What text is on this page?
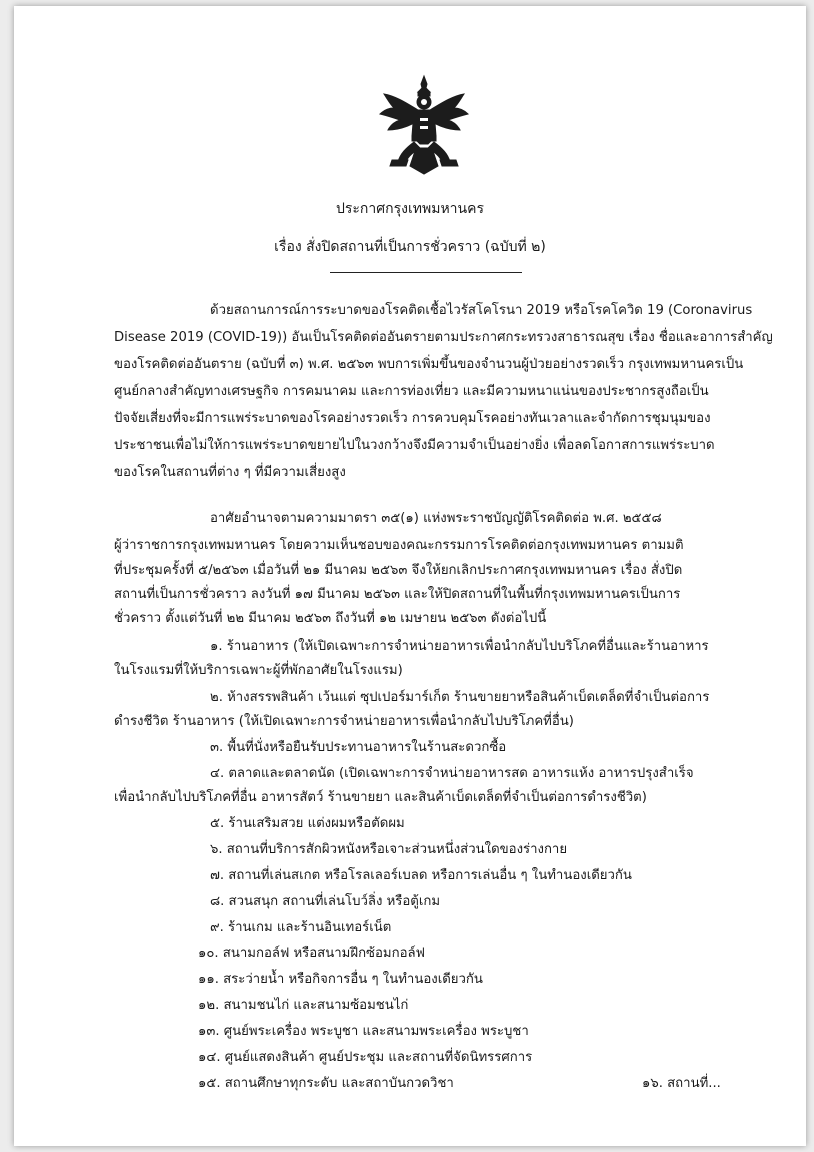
ประกาศกรุงเทพมหานคร
เรื่อง สั่งปิดสถานที่เป็นการชั่วคราว (ฉบับที่ ๒)
ด้วยสถานการณ์การระบาดของโรคติดเชื้อไวรัสโคโรนา 2019 หรือโรคโควิด 19 (Coronavirus
Disease 2019 (COVID-19)) อันเป็นโรคติดต่ออันตรายตามประกาศกระทรวงสาธารณสุข เรื่อง ชื่อและอาการสำคัญ
ของโรคติดต่ออันตราย (ฉบับที่ ๓) พ.ศ. ๒๕๖๓ พบการเพิ่มขึ้นของจำนวนผู้ป่วยอย่างรวดเร็ว กรุงเทพมหานครเป็น
ศูนย์กลางสำคัญทางเศรษฐกิจ การคมนาคม และการท่องเที่ยว และมีความหนาแน่นของประชากรสูงถือเป็น
ปัจจัยเสี่ยงที่จะมีการแพร่ระบาดของโรคอย่างรวดเร็ว การควบคุมโรคอย่างทันเวลาและจำกัดการชุมนุมของ
ประชาชนเพื่อไม่ให้การแพร่ระบาดขยายไปในวงกว้างจึงมีความจำเป็นอย่างยิ่ง เพื่อลดโอกาสการแพร่ระบาด
ของโรคในสถานที่ต่าง ๆ ที่มีความเสี่ยงสูง
อาศัยอำนาจตามความมาตรา ๓๕(๑) แห่งพระราชบัญญัติโรคติดต่อ พ.ศ. ๒๕๕๘
ผู้ว่าราชการกรุงเทพมหานคร โดยความเห็นชอบของคณะกรรมการโรคติดต่อกรุงเทพมหานคร ตามมติ
ที่ประชุมครั้งที่ ๕/๒๕๖๓ เมื่อวันที่ ๒๑ มีนาคม ๒๕๖๓ จึงให้ยกเลิกประกาศกรุงเทพมหานคร เรื่อง สั่งปิด
สถานที่เป็นการชั่วคราว ลงวันที่ ๑๗ มีนาคม ๒๕๖๓ และให้ปิดสถานที่ในพื้นที่กรุงเทพมหานครเป็นการ
ชั่วคราว ตั้งแต่วันที่ ๒๒ มีนาคม ๒๕๖๓ ถึงวันที่ ๑๒ เมษายน ๒๕๖๓ ดังต่อไปนี้
๑. ร้านอาหาร (ให้เปิดเฉพาะการจำหน่ายอาหารเพื่อนำกลับไปบริโภคที่อื่นและร้านอาหาร
ในโรงแรมที่ให้บริการเฉพาะผู้ที่พักอาศัยในโรงแรม)
๒. ห้างสรรพสินค้า เว้นแต่ ซุปเปอร์มาร์เก็ต ร้านขายยาหรือสินค้าเบ็ดเตล็ดที่จำเป็นต่อการ
ดำรงชีวิต ร้านอาหาร (ให้เปิดเฉพาะการจำหน่ายอาหารเพื่อนำกลับไปบริโภคที่อื่น)
๓. พื้นที่นั่งหรือยืนรับประทานอาหารในร้านสะดวกซื้อ
๔. ตลาดและตลาดนัด (เปิดเฉพาะการจำหน่ายอาหารสด อาหารแห้ง อาหารปรุงสำเร็จ
เพื่อนำกลับไปบริโภคที่อื่น อาหารสัตว์ ร้านขายยา และสินค้าเบ็ดเตล็ดที่จำเป็นต่อการดำรงชีวิต)
๕. ร้านเสริมสวย แต่งผมหรือตัดผม
๖. สถานที่บริการสักผิวหนังหรือเจาะส่วนหนึ่งส่วนใดของร่างกาย
๗. สถานที่เล่นสเกต หรือโรลเลอร์เบลด หรือการเล่นอื่น ๆ ในทำนองเดียวกัน
๘. สวนสนุก สถานที่เล่นโบว์ลิ่ง หรือตู้เกม
๙. ร้านเกม และร้านอินเทอร์เน็ต
๑๐. สนามกอล์ฟ หรือสนามฝึกซ้อมกอล์ฟ
๑๑. สระว่ายน้ำ หรือกิจการอื่น ๆ ในทำนองเดียวกัน
๑๒. สนามชนไก่ และสนามซ้อมชนไก่
๑๓. ศูนย์พระเครื่อง พระบูชา และสนามพระเครื่อง พระบูชา
๑๔. ศูนย์แสดงสินค้า ศูนย์ประชุม และสถานที่จัดนิทรรศการ
๑๕. สถานศึกษาทุกระดับ และสถาบันกวดวิชา	๑๖. สถานที่...
